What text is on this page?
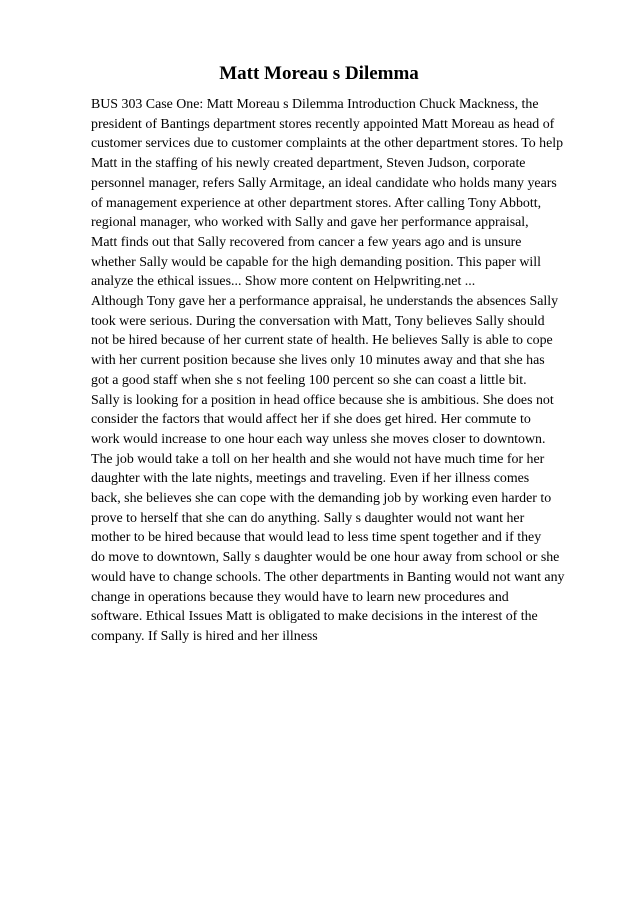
Matt Moreau s Dilemma
BUS 303 Case One: Matt Moreau s Dilemma Introduction Chuck Mackness, the
president of Bantings department stores recently appointed Matt Moreau as head of
customer services due to customer complaints at the other department stores. To help
Matt in the staffing of his newly created department, Steven Judson, corporate
personnel manager, refers Sally Armitage, an ideal candidate who holds many years
of management experience at other department stores. After calling Tony Abbott,
regional manager, who worked with Sally and gave her performance appraisal,
Matt finds out that Sally recovered from cancer a few years ago and is unsure
whether Sally would be capable for the high demanding position. This paper will
analyze the ethical issues... Show more content on Helpwriting.net ...
Although Tony gave her a performance appraisal, he understands the absences Sally
took were serious. During the conversation with Matt, Tony believes Sally should
not be hired because of her current state of health. He believes Sally is able to cope
with her current position because she lives only 10 minutes away and that she has
got a good staff when she s not feeling 100 percent so she can coast a little bit.
Sally is looking for a position in head office because she is ambitious. She does not
consider the factors that would affect her if she does get hired. Her commute to
work would increase to one hour each way unless she moves closer to downtown.
The job would take a toll on her health and she would not have much time for her
daughter with the late nights, meetings and traveling. Even if her illness comes
back, she believes she can cope with the demanding job by working even harder to
prove to herself that she can do anything. Sally s daughter would not want her
mother to be hired because that would lead to less time spent together and if they
do move to downtown, Sally s daughter would be one hour away from school or she
would have to change schools. The other departments in Banting would not want any
change in operations because they would have to learn new procedures and
software. Ethical Issues Matt is obligated to make decisions in the interest of the
company. If Sally is hired and her illness
